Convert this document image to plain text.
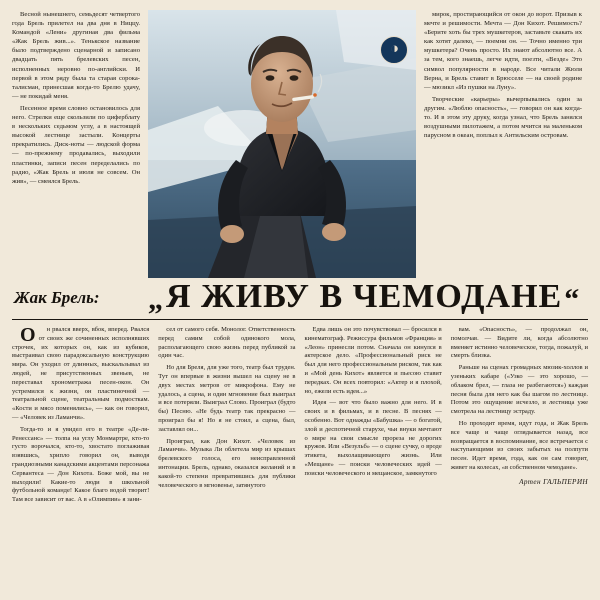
Весной нынешнего, семьдесят четвертого года Брель прилетел на два дня в Ниццу. Командой «Лени» другиная два фильма «Жак Брель жив...». Тенькское название было подтверждено сценарной и записано двадцать пять брелевских песен, исполненных неровно по-английски. И первой в этом ряду была та старая сорока-талисман, принесшая когда-то Брелю удачу, — не покидай меня.

Песенное время словно остановилось для него. Стрелки еще скользили по циферблату в нескольких седьмом углу, а в настоящей высокой лестнице застыли. Концерты прекратились. Диск-ноты — людской форма — по-прежнему продавались, выходили пластинки, записи песен переделались по радио, «Жак Брель и июля не совсем. Он жив», — смеялся Брель.

◑

мирок, простирающийся от окон до ворот. Призыв к мечте и решимости. Мечта — Дон Кихот. Решимость? «Берите хоть бы трех мушкетеров, заставьте скакать их как хотят далеко, — поемни он. — Точно именно три мушкетера? Очень просто. Их знают абсолютно все. А за тем, кого знаешь, легче идти, поезти, «Везде» Это символ популярности в народе. Все читали Жюля Верна, и Брель ставит в Брюсселе — на своей родине — мюзикл «Из пушки на Луну».

Творческие «карьеры» вычерпывались один за другим. «Люблю опасность», — говорил он как когда-то. И в этом эту друку, когда узнал, что Брель занялся воздушными пилотажем, а потом мчится на маленьком парусном в океан, поплыл к Антильским островам.

Жак Брель: „Я ЖИВУ В ЧЕМОДАНЕ“

О	н рвался вверх, вбок, вперед. Рвался от своих же сочиненных исполнявших строчек, их которых он, как из кубиков, выстраивал свою парадоксальную конструкцию мира. Он уходил от длинных, выскальзывал из людей, не присутственных звеньев, не переставал хронометража песен-окон. Он устремился к жизни, он пластиночной — театральной сцене, театральным подмосткам. «Кости и мясо поменялись», — как он говорил, — «Человек из Ламанчи».

Тогда-то и я увидел его в театре «Де-ля-Ренессанс» — толпа на углу Монмартре, кто-то густо ворочался, кто-то, хвостато поглаживая взявшись, хрипло говорил он, выводя грандиозными канадскими акцентами персонажа Сервантеса — Дон Кихота. Боже мой, вы не выходили! Какие-то люди в школьной футбольной команде! Какое благо водой творит! Там все зависит от вас. А в «Олимпии» я зани-

сел от самого себя. Монолог. Ответственность перед самим собой одинокого мола, располагающего свою жизнь перед публикой за один час.

Но для Бреля, для уже того, театр был труден. Тут он впервые в жизни вышел на сцену не в двух местах метров от микрофона. Ему не удалось, а сцена, и один мгновение был выиграл и все потеряли. Выиграл Слово. Проиграл (будто бы) Песню. «Не будь театр так прекрасно — проиграл бы я! Но я не стоил, а сцена, был, заставлял он...

Проиграл, как Дон Кихот. «Человек из Ламанчи». Музыка Ли облетела мир из крышах брелевского голоса, его неисправленной интонации. Брель, однако, оказался желаний и в какой-то степени превратившись для публики человеческого в мгновенье, затянутого

Едва лишь он это почувствовал — бросился в кинематограф. Режиссура фильмов «Франция» и «Леон» принесли потом. Сначала он кинулся в актерское дело. «Профессиональный риск не был для него профессиональным риском, так как и «Мой день Кихот» является и пьесою ставит передках. Он всех повторил: «Актер и я плохой, но, ежели есть идея...»

Идея — вот что было важно для него. И в своих и в фильмах, и в песне. В песнях — особенно. Вот однажды «Бабушка» — о богатой, злой и деспотичной старухе, чьи внуки мечтают о мире на свои смысле прореза не дорогих кружов. Или «Везульб» — о сцене сучку, о вроде этикета, выхолащивающего жизнь. Или «Мещане» — поиски человеческих идей — поиски человеческого и мещанское, замкнутого

вам. «Опасность», — продолжал он, помолчав. — Видите ли, когда абсолютно вменяет истинно человеческое, тогда, пожалуй, и смерть близка.

Раньше на сценах громадных мюзик-холлов и узеньких кабаре («Узко — это хорошо, — облаком брел, — глаза не разбегаются») каждая песня была для него как бы шагом по лестнице. Потом это ощущение исчезло, и лестница уже смотрела на лестницу эстраду.

Но проходит время, идут года, и Жак Брель все чаще и чаще оглядывается назад, все возвращается в воспоминание, все встречается с наступающими из своих забытых на полпути песен. Идет время, года, как он сам говорит, живет на колесах, «в собственном чемодане».

Артен ГАЛЬПЕРИН
